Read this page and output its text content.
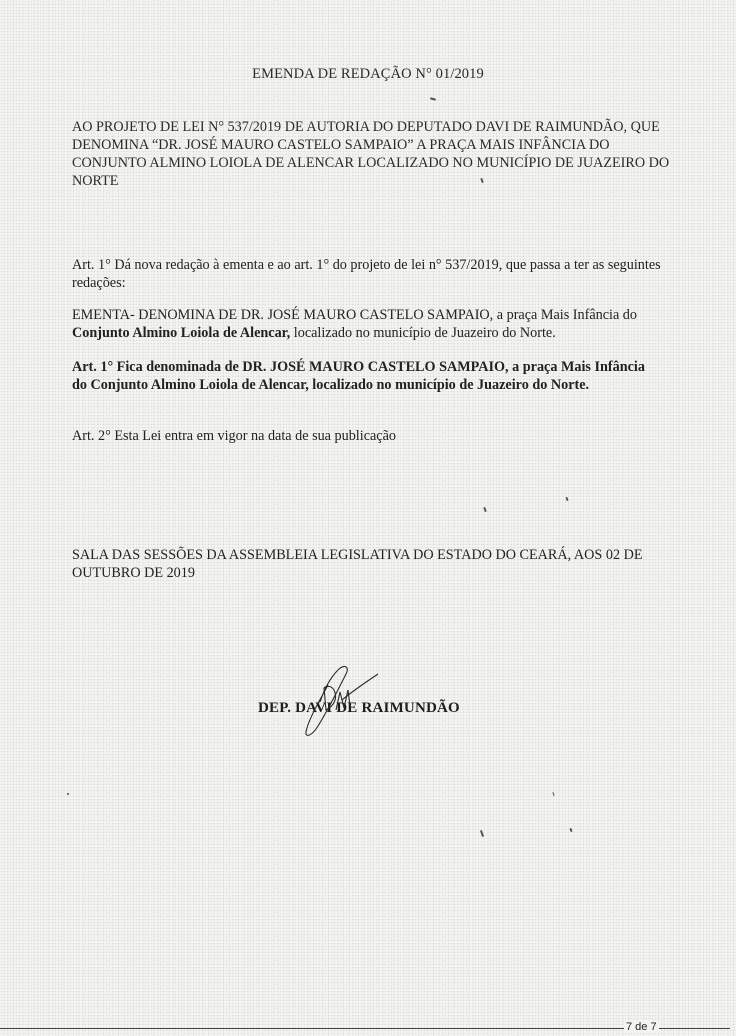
EMENDA DE REDAÇÃO N° 01/2019
AO PROJETO DE LEI N° 537/2019 DE AUTORIA DO DEPUTADO DAVI DE RAIMUNDÃO, QUE DENOMINA “DR. JOSÉ MAURO CASTELO SAMPAIO” A PRAÇA MAIS INFÂNCIA DO CONJUNTO ALMINO LOIOLA DE ALENCAR LOCALIZADO NO MUNICÍPIO DE JUAZEIRO DO NORTE
Art. 1° Dá nova redação à ementa e ao art. 1° do projeto de lei n° 537/2019, que passa a ter as seguintes redações:
EMENTA- DENOMINA DE DR. JOSÉ MAURO CASTELO SAMPAIO, a praça Mais Infância do Conjunto Almino Loiola de Alencar, localizado no município de Juazeiro do Norte.
Art. 1° Fica denominada de DR. JOSÉ MAURO CASTELO SAMPAIO, a praça Mais Infância do Conjunto Almino Loiola de Alencar, localizado no município de Juazeiro do Norte.
Art. 2° Esta Lei entra em vigor na data de sua publicação
SALA DAS SESSÕES DA ASSEMBLEIA LEGISLATIVA DO ESTADO DO CEARÁ, AOS 02 DE OUTUBRO DE 2019
DEP. DAVI DE RAIMUNDÃO
7 de 7
